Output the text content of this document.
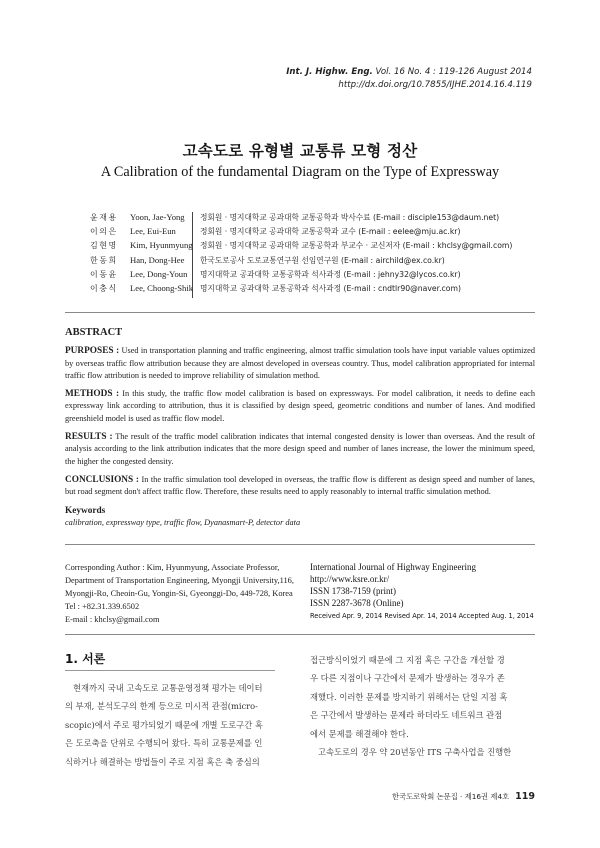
Int. J. Highw. Eng. Vol. 16 No. 4 : 119-126 August 2014
http://dx.doi.org/10.7855/IJHE.2014.16.4.119
고속도로 유형별 교통류 모형 정산
A Calibration of the fundamental Diagram on the Type of Expressway
윤재용	Yoon, Jae-Yong 정회원 · 명지대학교 공과대학 교통공학과 박사수료 (E-mail : disciple153@daum.net)
이의은	Lee, Eui-Eun	정회원 · 명지대학교 공과대학 교통공학과 교수 (E-mail : eelee@mju.ac.kr)
김현명	Kim, Hyunmyung 정회원 · 명지대학교 공과대학 교통공학과 부교수 · 교신저자 (E-mail : khclsy@gmail.com)
한동희	Han, Dong-Hee 한국도로공사 도로교통연구원 선임연구원 (E-mail : airchild@ex.co.kr)
이동윤	Lee, Dong-Youn 명지대학교 공과대학 교통공학과 석사과정 (E-mail : jehny32@lycos.co.kr)
이충식	Lee, Choong-Shik 명지대학교 공과대학 교통공학과 석사과정 (E-mail : cndtlr90@naver.com)
ABSTRACT

PURPOSES : Used in transportation planning and traffic engineering, almost traffic simulation tools have input variable values optimized by overseas traffic flow attribution because they are almost developed in overseas country. Thus, model calibration appropriated for internal traffic flow attribution is needed to improve reliability of simulation method.

METHODS : In this study, the traffic flow model calibration is based on expressways. For model calibration, it needs to define each expressway link according to attribution, thus it is classified by design speed, geometric conditions and number of lanes. And modified greenshield model is used as traffic flow model.

RESULTS : The result of the traffic model calibration indicates that internal congested density is lower than overseas. And the result of analysis according to the link attribution indicates that the more design speed and number of lanes increase, the lower the minimum speed, the higher the congested density.

CONCLUSIONS : In the traffic simulation tool developed in overseas, the traffic flow is different as design speed and number of lanes, but road segment don't affect traffic flow. Therefore, these results need to apply reasonably to internal traffic simulation method.

Keywords
calibration, expressway type, traffic flow, Dyanasmart-P, detector data
Corresponding Author : Kim, Hyunmyung, Associate Professor,
Department of Transportation Engineering, Myongji University,116,
Myongji-Ro, Cheoin-Gu, Yongin-Si, Gyeonggi-Do, 449-728, Korea
Tel : +82.31.339.6502
E-mail : khclsy@gmail.com
International Journal of Highway Engineering
http://www.ksre.or.kr/
ISSN 1738-7159 (print)
ISSN 2287-3678 (Online)
Received Apr. 9, 2014 Revised Apr. 14, 2014 Accepted Aug. 1, 2014
1. 서론
현재까지 국내 고속도로 교통운영정책 평가는 데이터
의 부재, 분석도구의 한계 등으로 미시적 관점(micro-
scopic)에서 주로 평가되었기 때문에 개별 도로구간 혹
은 도로축을 단위로 수행되어 왔다. 특히 교통문제를 인
식하거나 해결하는 방법들이 주로 지점 혹은 축 중심의
접근방식이었기 때문에 그 지점 혹은 구간을 개선할 경
우 다른 지점이나 구간에서 문제가 발생하는 경우가 존
재했다. 이러한 문제를 방지하기 위해서는 단일 지점 혹
은 구간에서 발생하는 문제라 하더라도 네트워크 관점
에서 문제를 해결해야 한다.
고속도로의 경우 약 20년동안 ITS 구축사업을 진행한
한국도로학회 논문집 · 제16권 제4호 119
